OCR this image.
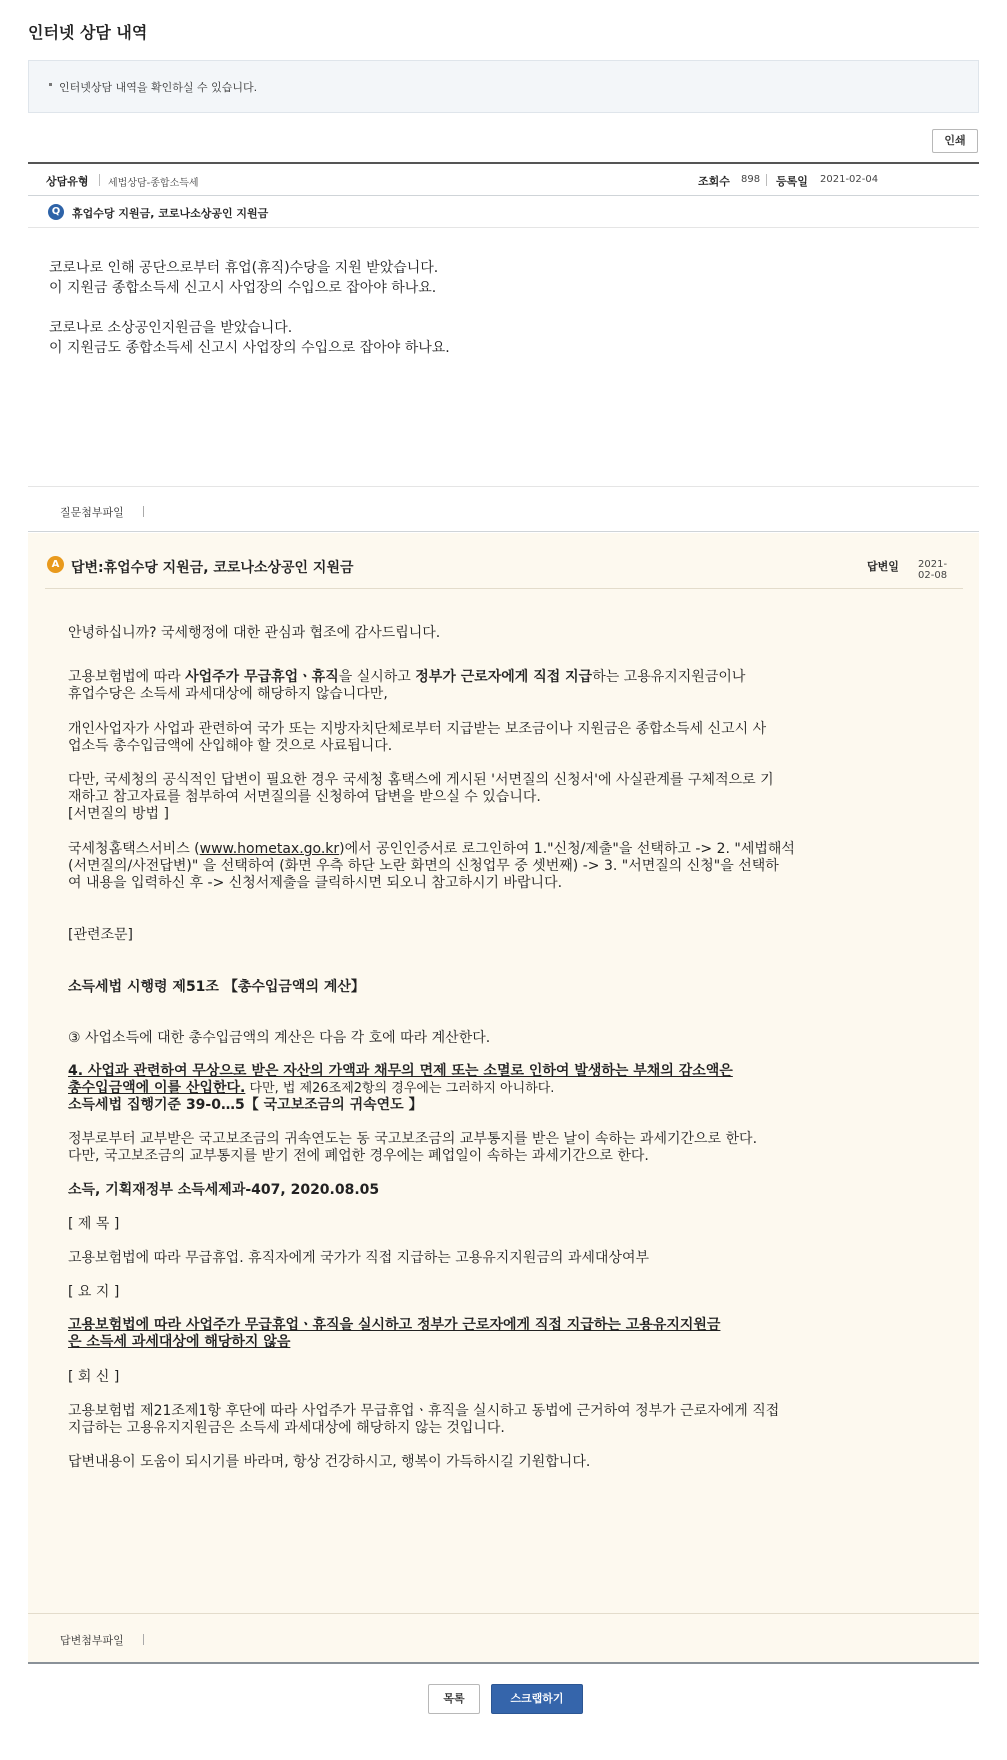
인터넷 상담 내역
인터넷상담 내역을 확인하실 수 있습니다.
인쇄
상담유형 세법상담-종합소득세	조회수 898 등록일 2021-02-04
Q	휴업수당 지원금, 코로나소상공인 지원금

코로나로 인해 공단으로부터 휴업(휴직)수당을 지원 받았습니다.

이 지원금 종합소득세 신고시 사업장의 수입으로 잡아야 하나요.

코로나로 소상공인지원금을 받았습니다.

이 지원금도 종합소득세 신고시 사업장의 수입으로 잡아야 하나요.

질문첨부파일
A 답변:휴업수당 지원금, 코로나소상공인 지원금	답변일 2021-02-08
안녕하십니까? 국세행정에 대한 관심과 협조에 감사드립니다.
고용보험법에 따라 사업주가 무급휴업ㆍ휴직을 실시하고 정부가 근로자에게 직접 지급하는 고용유지지원금이나
휴업수당은 소득세 과세대상에 해당하지 않습니다만,
개인사업자가 사업과 관련하여 국가 또는 지방자치단체로부터 지급받는 보조금이나 지원금은 종합소득세 신고시 사
업소득 총수입금액에 산입해야 할 것으로 사료됩니다.
다만, 국세청의 공식적인 답변이 필요한 경우 국세청 홈택스에 게시된 '서면질의 신청서'에 사실관계를 구체적으로 기
재하고 참고자료를 첨부하여 서면질의를 신청하여 답변을 받으실 수 있습니다.
[서면질의 방법 ]
국세청홈택스서비스 (www.hometax.go.kr)에서 공인인증서로 로그인하여 1."신청/제출"을 선택하고 -> 2. "세법해석
(서면질의/사전답변)" 을 선택하여 (화면 우측 하단 노란 화면의 신청업무 중 셋번째) -> 3. "서면질의 신청"을 선택하
여 내용을 입력하신 후 -> 신청서제출을 클릭하시면 되오니 참고하시기 바랍니다.
[관련조문]
소득세법 시행령 제51조 【총수입금액의 계산】
③ 사업소득에 대한 총수입금액의 계산은 다음 각 호에 따라 계산한다.
4. 사업과 관련하여 무상으로 받은 자산의 가액과 채무의 면제 또는 소멸로 인하여 발생하는 부채의 감소액은
총수입금액에 이를 산입한다. 다만, 법 제26조제2항의 경우에는 그러하지 아니하다.
소득세법 집행기준 39-0…5【 국고보조금의 귀속연도 】
정부로부터 교부받은 국고보조금의 귀속연도는 동 국고보조금의 교부통지를 받은 날이 속하는 과세기간으로 한다.
다만, 국고보조금의 교부통지를 받기 전에 폐업한 경우에는 폐업일이 속하는 과세기간으로 한다.
소득, 기획재정부 소득세제과-407, 2020.08.05
[ 제 목 ]
고용보험법에 따라 무급휴업. 휴직자에게 국가가 직접 지급하는 고용유지지원금의 과세대상여부
[ 요 지 ]
고용보험법에 따라 사업주가 무급휴업ㆍ휴직을 실시하고 정부가 근로자에게 직접 지급하는 고용유지지원금
은 소득세 과세대상에 해당하지 않음
[ 회 신 ]
고용보험법 제21조제1항 후단에 따라 사업주가 무급휴업ㆍ휴직을 실시하고 동법에 근거하여 정부가 근로자에게 직접
지급하는 고용유지지원금은 소득세 과세대상에 해당하지 않는 것입니다.
답변내용이 도움이 되시기를 바라며, 항상 건강하시고, 행복이 가득하시길 기원합니다.
답변첨부파일
목록	스크랩하기
